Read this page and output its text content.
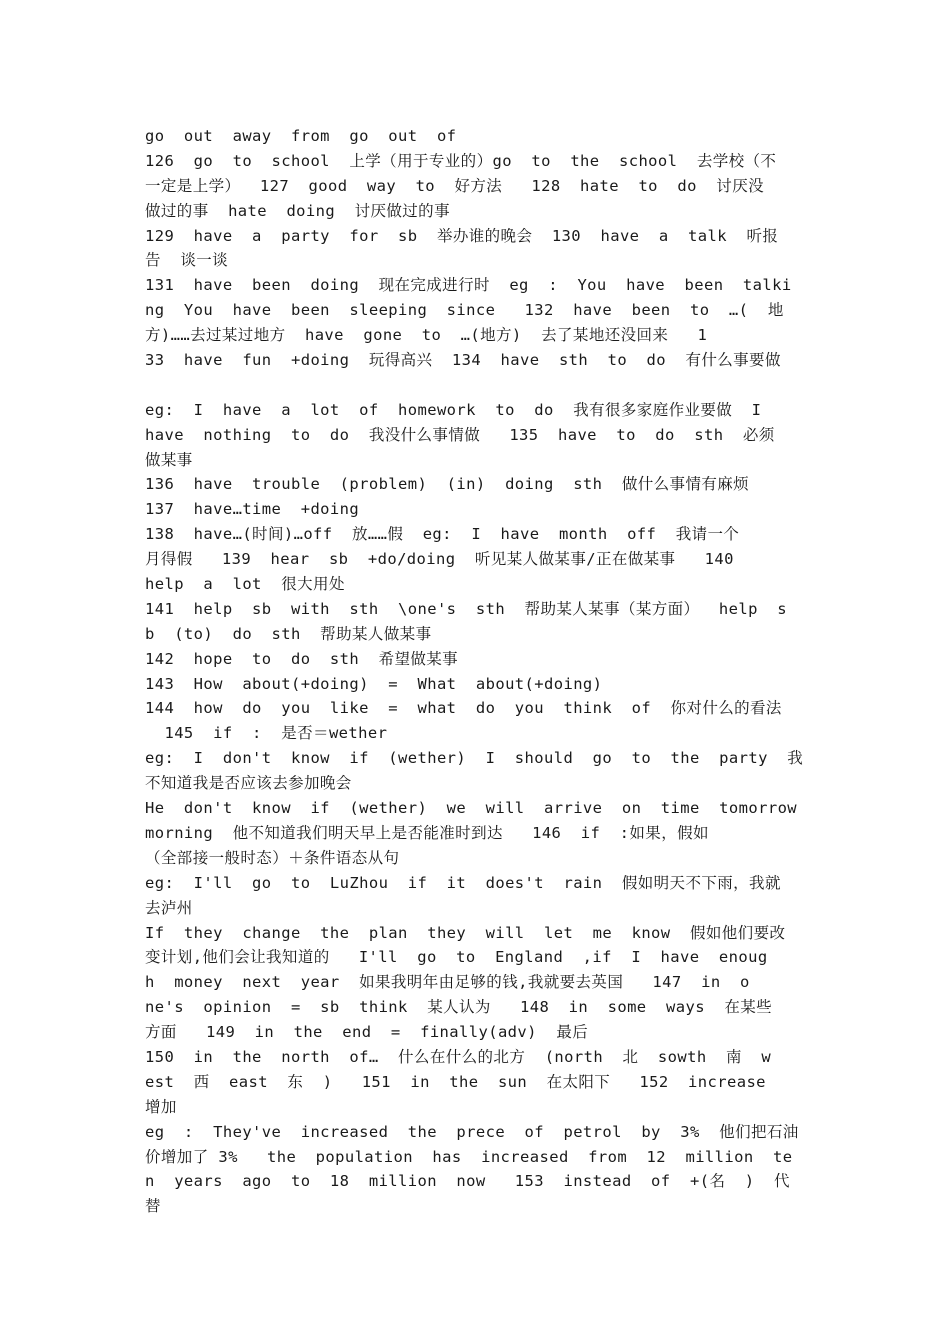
go  out  away  from  go  out  of
126  go  to  school  上学（用于专业的）go  to  the  school  去学校（不
一定是上学）  127  good  way  to  好方法   128  hate  to  do  讨厌没
做过的事  hate  doing  讨厌做过的事
129  have  a  party  for  sb  举办谁的晚会  130  have  a  talk  听报
告  谈一谈
131  have  been  doing  现在完成进行时  eg  :  You  have  been  talki
ng  You  have  been  sleeping  since   132  have  been  to  …(  地
方)……去过某过地方  have  gone  to  …(地方)  去了某地还没回来   1
33  have  fun  +doing  玩得高兴  134  have  sth  to  do  有什么事要做
eg:  I  have  a  lot  of  homework  to  do  我有很多家庭作业要做  I
have  nothing  to  do  我没什么事情做   135  have  to  do  sth  必须
做某事
136  have  trouble  (problem)  (in)  doing  sth  做什么事情有麻烦
137  have…time  +doing
138  have…(时间)…off  放……假  eg:  I  have  month  off  我请一个
月得假   139  hear  sb  +do/doing  听见某人做某事/正在做某事   140
help  a  lot  很大用处
141  help  sb  with  sth  \one's  sth  帮助某人某事（某方面）  help  s
b  (to)  do  sth  帮助某人做某事
142  hope  to  do  sth  希望做某事
143  How  about(+doing)  =  What  about(+doing)
144  how  do  you  like  =  what  do  you  think  of  你对什么的看法
145  if  :  是否＝wether
eg:  I  don't  know  if  (wether)  I  should  go  to  the  party  我
不知道我是否应该去参加晚会
He  don't  know  if  (wether)  we  will  arrive  on  time  tomorrow
morning  他不知道我们明天早上是否能准时到达   146  if  :如果，假如
（全部接一般时态）＋条件语态从句
eg:  I'll  go  to  LuZhou  if  it  does't  rain  假如明天不下雨，我就
去泸州
If  they  change  the  plan  they  will  let  me  know  假如他们要改
变计划,他们会让我知道的   I'll  go  to  England  ,if  I  have  enoug
h  money  next  year  如果我明年由足够的钱,我就要去英国   147  in  o
ne's  opinion  =  sb  think  某人认为   148  in  some  ways  在某些
方面   149  in  the  end  =  finally(adv)  最后
150  in  the  north  of…  什么在什么的北方  (north  北  sowth  南  w
est  西  east  东  )   151  in  the  sun  在太阳下   152  increase
增加
eg  :  They've  increased  the  prece  of  petrol  by  3%  他们把石油
价增加了 3%   the  population  has  increased  from  12  million  te
n  years  ago  to  18  million  now   153  instead  of  +(名  )  代
替
